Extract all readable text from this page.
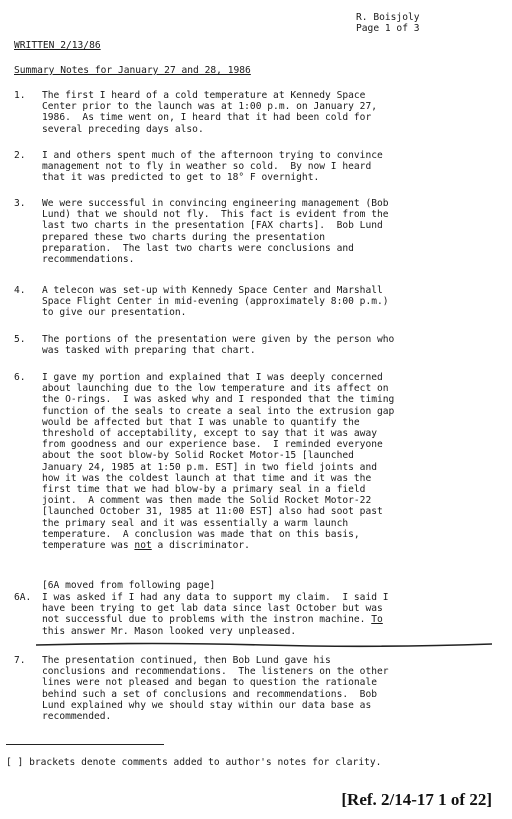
R. Boisjoly
Page 1 of 3
WRITTEN 2/13/86
Summary Notes for January 27 and 28, 1986
1. The first I heard of a cold temperature at Kennedy Space
Center prior to the launch was at 1:00 p.m. on January 27,
1986.  As time went on, I heard that it had been cold for
several preceding days also.
2. I and others spent much of the afternoon trying to convince
management not to fly in weather so cold.  By now I heard
that it was predicted to get to 18° F overnight.
3. We were successful in convincing engineering management (Bob
Lund) that we should not fly.  This fact is evident from the
last two charts in the presentation [FAX charts].  Bob Lund
prepared these two charts during the presentation
preparation.  The last two charts were conclusions and
recommendations.
4. A telecon was set-up with Kennedy Space Center and Marshall
Space Flight Center in mid-evening (approximately 8:00 p.m.)
to give our presentation.
5. The portions of the presentation were given by the person who
was tasked with preparing that chart.
6. I gave my portion and explained that I was deeply concerned
about launching due to the low temperature and its affect on
the O-rings.  I was asked why and I responded that the timing
function of the seals to create a seal into the extrusion gap
would be affected but that I was unable to quantify the
threshold of acceptability, except to say that it was away
from goodness and our experience base.  I reminded everyone
about the soot blow-by Solid Rocket Motor-15 [launched
January 24, 1985 at 1:50 p.m. EST] in two field joints and
how it was the coldest launch at that time and it was the
first time that we had blow-by a primary seal in a field
joint.  A comment was then made the Solid Rocket Motor-22
[launched October 31, 1985 at 11:00 EST] also had soot past
the primary seal and it was essentially a warm launch
temperature.  A conclusion was made that on this basis,
temperature was not a discriminator.
[6A moved from following page]
6A. I was asked if I had any data to support my claim.  I said I
have been trying to get lab data since last October but was
not successful due to problems with the instron machine. To
this answer Mr. Mason looked very unpleased.
7. The presentation continued, then Bob Lund gave his
conclusions and recommendations.  The listeners on the other
lines were not pleased and began to question the rationale
behind such a set of conclusions and recommendations.  Bob
Lund explained why we should stay within our data base as
recommended.
[ ] brackets denote comments added to author's notes for clarity.
[Ref. 2/14-17 1 of 22]
